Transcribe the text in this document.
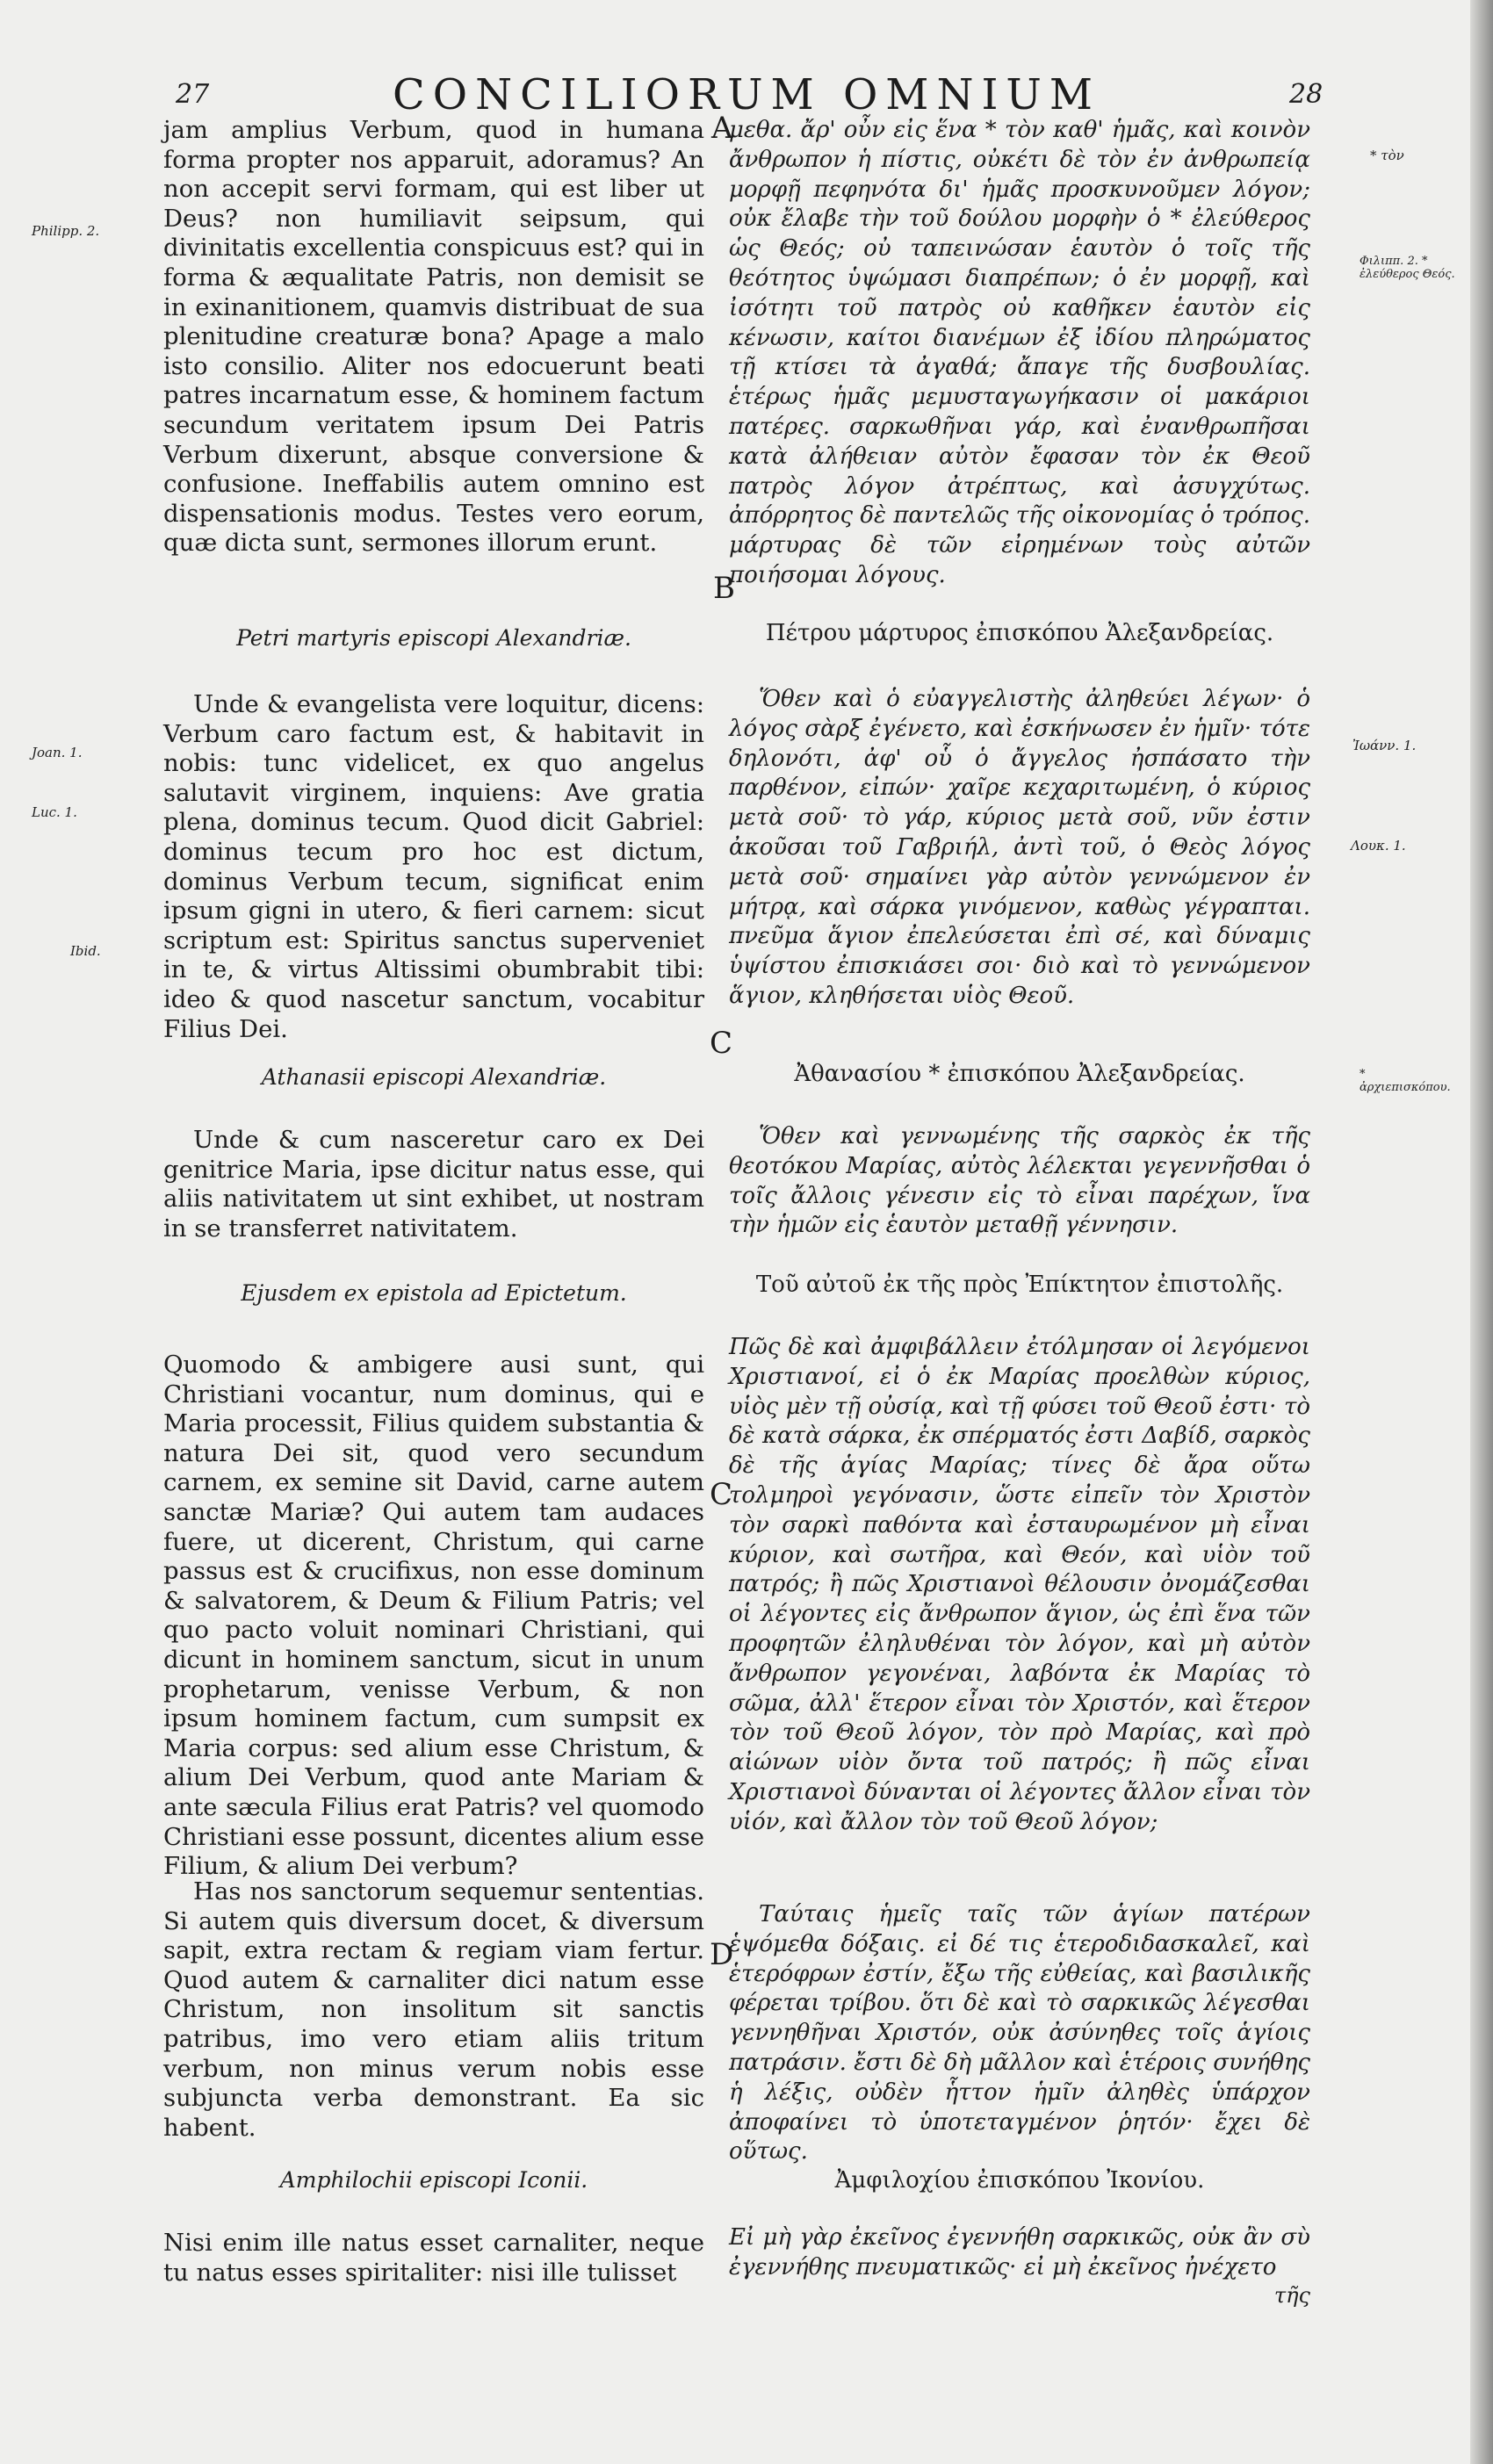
27	CONCILIORUM OMNIUM	28
jam amplius Verbum, quod in humana forma propter nos apparuit, adoramus? An non accepit servi formam, qui est liber ut Deus? non humiliavit seipsum, qui divinitatis excellentia conspicuus est? qui in forma & æqualitate Patris, non demisit se in exinanitionem, quamvis distribuat de sua plenitudine creaturæ bona? Apage a malo isto consilio. Aliter nos edocuerunt beati patres incarnatum esse, & hominem factum secundum veritatem ipsum Dei Patris Verbum dixerunt, absque conversione & confusione. Ineffabilis autem omnino est dispensationis modus. Testes vero eorum, quæ dicta sunt, sermones illorum erunt.
Petri martyris episcopi Alexandriæ.
Unde & evangelista vere loquitur, dicens: Verbum caro factum est, & habitavit in nobis: tunc videlicet, ex quo angelus salutavit virginem, inquiens: Ave gratia plena, dominus tecum. Quod dicit Gabriel: dominus tecum pro hoc est dictum, dominus Verbum tecum, significat enim ipsum gigni in utero, & fieri carnem: sicut scriptum est: Spiritus sanctus superveniet in te, & virtus Altissimi obumbrabit tibi: ideo & quod nascetur sanctum, vocabitur Filius Dei.
Athanasii episcopi Alexandriæ.
Unde & cum nasceretur caro ex Dei genitrice Maria, ipse dicitur natus esse, qui aliis nativitatem ut sint exhibet, ut nostram in se transferret nativitatem.
Ejusdem ex epistola ad Epictetum.
Quomodo & ambigere ausi sunt, qui Christiani vocantur, num dominus, qui e Maria processit, Filius quidem substantia & natura Dei sit, quod vero secundum carnem, ex semine sit David, carne autem sanctæ Mariæ? Qui autem tam audaces fuere, ut dicerent, Christum, qui carne passus est & crucifixus, non esse dominum & salvatorem, & Deum & Filium Patris; vel quo pacto voluit nominari Christiani, qui dicunt in hominem sanctum, sicut in unum prophetarum, venisse Verbum, & non ipsum hominem factum, cum sumpsit ex Maria corpus: sed alium esse Christum, & alium Dei Verbum, quod ante Mariam & ante sæcula Filius erat Patris? vel quomodo Christiani esse possunt, dicentes alium esse Filium, & alium Dei verbum?
Has nos sanctorum sequemur sententias. Si autem quis diversum docet, & diversum sapit, extra rectam & regiam viam fertur. Quod autem & carnaliter dici natum esse Christum, non insolitum sit sanctis patribus, imo vero etiam aliis tritum verbum, non minus verum nobis esse subjuncta verba demonstrant. Ea sic habent.
Amphilochii episcopi Iconii.
Nisi enim ille natus esset carnaliter, neque tu natus esses spiritaliter: nisi ille tulisset
μεθα. ἄρ' οὖν εἰς ἕνα * τὸν καθ' ἡμᾶς, καὶ κοινὸν ἄνθρωπον ἡ πίστις, οὐκέτι δὲ τὸν ἐν ἀνθρωπείᾳ μορφῇ πεφηνότα δι' ἡμᾶς προσκυνοῦμεν λόγον; οὐκ ἔλαβε τὴν τοῦ δούλου μορφὴν ὁ * ἐλεύθερος ὡς Θεός; οὐ ταπεινώσαν ἑαυτὸν ὁ τοῖς τῆς θεότητος ὑψώμασι διαπρέπων; ὁ ἐν μορφῇ, καὶ ἰσότητι τοῦ πατρὸς οὐ καθῆκεν ἑαυτὸν εἰς κένωσιν, καίτοι διανέμων ἐξ ἰδίου πληρώματος τῇ κτίσει τὰ ἀγαθά; ἄπαγε τῆς δυσβουλίας. ἑτέρως ἡμᾶς μεμυσταγωγήκασιν οἱ μακάριοι πατέρες. σαρκωθῆναι γάρ, καὶ ἐνανθρωπῆσαι κατὰ ἀλήθειαν αὐτὸν ἔφασαν τὸν ἐκ Θεοῦ πατρὸς λόγον ἀτρέπτως, καὶ ἀσυγχύτως. ἀπόρρητος δὲ παντελῶς τῆς οἰκονομίας ὁ τρόπος. μάρτυρας δὲ τῶν εἰρημένων τοὺς αὐτῶν ποιήσομαι λόγους.
Πέτρου μάρτυρος ἐπισκόπου Ἀλεξανδρείας.
Ὅθεν καὶ ὁ εὐαγγελιστὴς ἀληθεύει λέγων· ὁ λόγος σὰρξ ἐγένετο, καὶ ἐσκήνωσεν ἐν ἡμῖν· τότε δηλονότι, ἀφ' οὗ ὁ ἄγγελος ἠσπάσατο τὴν παρθένον, εἰπών· χαῖρε κεχαριτωμένη, ὁ κύριος μετὰ σοῦ· τὸ γάρ, κύριος μετὰ σοῦ, νῦν ἐστιν ἀκοῦσαι τοῦ Γαβριήλ, ἀντὶ τοῦ, ὁ Θεὸς λόγος μετὰ σοῦ· σημαίνει γὰρ αὐτὸν γεννώμενον ἐν μήτρᾳ, καὶ σάρκα γινόμενον, καθὼς γέγραπται. πνεῦμα ἅγιον ἐπελεύσεται ἐπὶ σέ, καὶ δύναμις ὑψίστου ἐπισκιάσει σοι· διὸ καὶ τὸ γεννώμενον ἅγιον, κληθήσεται υἱὸς Θεοῦ.
Ἀθανασίου * ἐπισκόπου Ἀλεξανδρείας.
Ὅθεν καὶ γεννωμένης τῆς σαρκὸς ἐκ τῆς θεοτόκου Μαρίας, αὐτὸς λέλεκται γεγεννῆσθαι ὁ τοῖς ἄλλοις γένεσιν εἰς τὸ εἶναι παρέχων, ἵνα τὴν ἡμῶν εἰς ἑαυτὸν μεταθῇ γέννησιν.
Τοῦ αὐτοῦ ἐκ τῆς πρὸς Ἐπίκτητον ἐπιστολῆς.
Πῶς δὲ καὶ ἀμφιβάλλειν ἐτόλμησαν οἱ λεγόμενοι Χριστιανοί, εἰ ὁ ἐκ Μαρίας προελθὼν κύριος, υἱὸς μὲν τῇ οὐσίᾳ, καὶ τῇ φύσει τοῦ Θεοῦ ἐστι· τὸ δὲ κατὰ σάρκα, ἐκ σπέρματός ἐστι Δαβίδ, σαρκὸς δὲ τῆς ἁγίας Μαρίας; τίνες δὲ ἄρα οὕτω τολμηροὶ γεγόνασιν, ὥστε εἰπεῖν τὸν Χριστὸν τὸν σαρκὶ παθόντα καὶ ἐσταυρωμένον μὴ εἶναι κύριον, καὶ σωτῆρα, καὶ Θεόν, καὶ υἱὸν τοῦ πατρός; ἢ πῶς Χριστιανοὶ θέλουσιν ὀνομάζεσθαι οἱ λέγοντες εἰς ἄνθρωπον ἅγιον, ὡς ἐπὶ ἕνα τῶν προφητῶν ἐληλυθέναι τὸν λόγον, καὶ μὴ αὐτὸν ἄνθρωπον γεγονέναι, λαβόντα ἐκ Μαρίας τὸ σῶμα, ἀλλ' ἕτερον εἶναι τὸν Χριστόν, καὶ ἕτερον τὸν τοῦ Θεοῦ λόγον, τὸν πρὸ Μαρίας, καὶ πρὸ αἰώνων υἱὸν ὄντα τοῦ πατρός; ἢ πῶς εἶναι Χριστιανοὶ δύνανται οἱ λέγοντες ἄλλον εἶναι τὸν υἱόν, καὶ ἄλλον τὸν τοῦ Θεοῦ λόγον;
Ταύταις ἡμεῖς ταῖς τῶν ἁγίων πατέρων ἑψόμεθα δόξαις. εἰ δέ τις ἑτεροδιδασκαλεῖ, καὶ ἑτερόφρων ἐστίν, ἔξω τῆς εὐθείας, καὶ βασιλικῆς φέρεται τρίβου. ὅτι δὲ καὶ τὸ σαρκικῶς λέγεσθαι γεννηθῆναι Χριστόν, οὐκ ἀσύνηθες τοῖς ἁγίοις πατράσιν. ἔστι δὲ δὴ μᾶλλον καὶ ἑτέροις συνήθης ἡ λέξις, οὐδὲν ἧττον ἡμῖν ἀληθὲς ὑπάρχον ἀποφαίνει τὸ ὑποτεταγμένον ῥητόν· ἔχει δὲ οὕτως.
Ἀμφιλοχίου ἐπισκόπου Ἰκονίου.
Εἰ μὴ γὰρ ἐκεῖνος ἐγεννήθη σαρκικῶς, οὐκ ἂν σὺ ἐγεννήθης πνευματικῶς· εἰ μὴ ἐκεῖνος ἠνέχετο
τῆς
Philipp. 2.
Joan. 1.
Luc. 1.
Ibid.
* τὸν
Φιλιππ. 2. * ἐλεύθερος Θεός.
Ἰωάνν. 1.
Λουκ. 1.
* ἀρχιεπισκόπου.
A
B
C
C
D
